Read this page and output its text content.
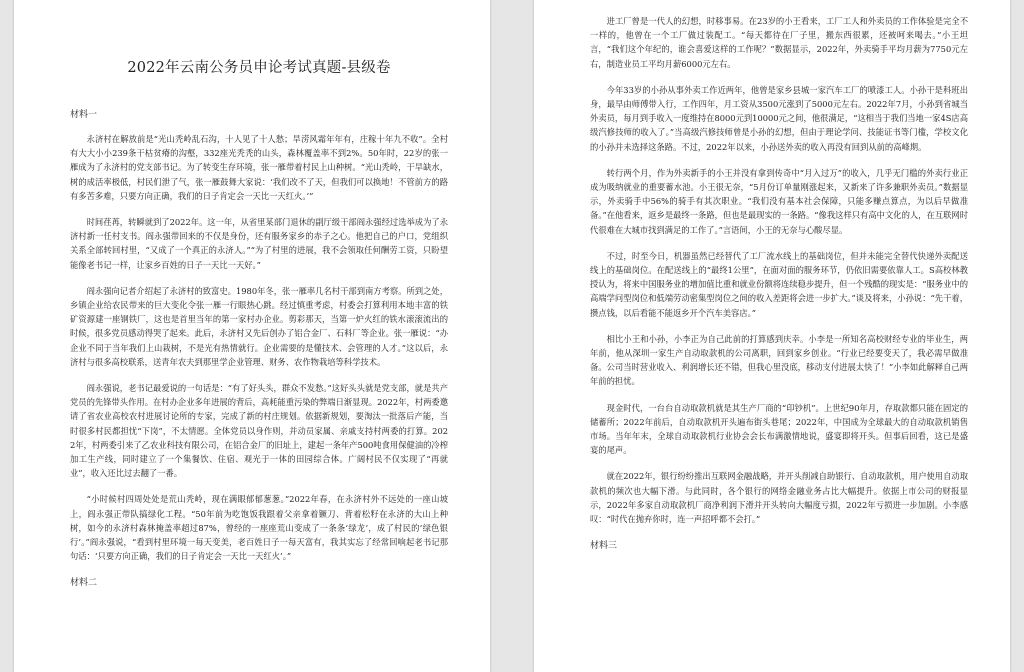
2022年云南公务员申论考试真题-县级卷
材料一

永济村在解放前是“光山秃岭乱石沟，十人见了十人愁；旱涝风霜年年有，庄稼十年九不收”。全村有大大小小239条干枯贫瘠的沟壑，332座光秃秃的山头，森林覆盖率不到2%。50年时，22岁的张一雁成为了永济村的党支部书记。为了转变生存环境，张一雁带着村民上山种树。“光山秃岭，干旱缺水，树的成活率极低，村民们泄了气，张一雁鼓舞大家说：‘我们改不了天，但我们可以换地！不管前方的路有多苦多难，只要方向正确，我们的日子肯定会一天比一天红火。’”

时间荏苒，转瞬就到了2022年。这一年，从省里某部门退休的副厅级干部阎永强经过选举成为了永济村新一任村支书。阎永强带回来的不仅是身份，还有服务家乡的赤子之心。他把自己的户口，党组织关系全部转回村里，“又成了一个真正的永济人。”“为了村里的进展，我不会领取任何酬劳工资，只盼望能像老书记一样，让家乡百姓的日子一天比一天好。”

阎永强向记者介绍起了永济村的致富史。1980年冬，张一雁率几名村干部到南方考察。所到之处，乡镇企业给农民带来的巨大变化令张一雁一行眼热心跳。经过慎重考虑，村委会打算利用本地丰富的铁矿资源建一座钢铁厂，这也是首里当年的第一家村办企业。剪彩那天，当第一炉火红的铁水滚滚流出的时候，很多党员感动得哭了起来。此后，永济村又先后创办了铝合金厂、石料厂等企业。张一雁说：“办企业不同于当年我们上山栽树，不是光有热情就行。企业需要的是懂技术、会管理的人才。”这以后，永济村与很多高校联系，送青年农夫到那里学企业管理、财务、农作物栽培等科学技术。

阎永强说，老书记最爱说的一句话是：“有了好头头，群众不发愁。”这好头头就是党支部，就是共产党员的先锋带头作用。在村办企业多年进展的背后，高耗能重污染的弊端日渐显现。2022年，村两委邀请了省农业高校农村进展讨论所的专家，完成了新的村庄规划。依据新规划，要淘汰一批落后产能，当时很多村民都担忧“下岗”，不太情愿。全体党员以身作则，并动员家属、亲戚支持村两委的打算。2022年，村两委引来了乙农业科技有限公司，在铝合金厂的旧址上，建起一条年产500吨食用保健油的冷榨加工生产线，同时建立了一个集餐饮、住宿、观光于一体的田园综合体。广阔村民不仅实现了“再就业”，收入还比过去翻了一番。

“小时候村四周处处是荒山秃岭，现在满眼郁郁葱葱。”2022年春，在永济村外不远处的一座山坡上，阎永强正带队搞绿化工程。“50年前为吃饱饭我跟着父亲拿着镢刀、背着松籽在永济的大山上种树，如今的永济村森林掩盖率超过87%，曾经的一座座荒山变成了一条条‘绿龙’，成了村民的‘绿色银行’。”阎永强说，“看到村里环境一每天变美，老百姓日子一每天富有，我其实忘了经常回响起老书记那句话：‘只要方向正确，我们的日子肯定会一天比一天红火’。”

材料二

进工厂曾是一代人的幻想，时移事易。在23岁的小王看来，工厂工人和外卖员的工作体验是完全不一样的，他曾在一个工厂做过装配工。“每天都待在厂子里，搬东西很累，还被呵来喝去。”小王坦言，“我们这个年纪的，谁会喜爱这样的工作呢？”数据显示，2022年，外卖骑手平均月薪为7750元左右，制造业员工平均月薪6000元左右。

今年33岁的小孙从事外卖工作近两年，他曾是家乡县城一家汽车工厂的喷漆工人。小孙干是科班出身，最早由师傅带入行，工作四年，月工资从3500元涨到了5000元左右。2022年7月，小孙到省城当外卖员，每月到手收入一度维持在8000元到10000元之间，他很满足，“这相当于我们当地一家4S店高级汽修技师的收入了。”当高级汽修技师曾是小孙的幻想，但由于理论学问、技能证书等门槛，学校文化的小孙并未选择这条路。不过，2022年以来，小孙送外卖的收入再没有回到从前的高峰期。

转行两个月，作为外卖新手的小王并没有拿到传奇中“月入过万”的收入，几乎无门槛的外卖行业正成为吸纳就业的重要蓄水池。小王很无奈，“5月份订单量刚涨起来，又新来了许多兼职外卖员。”数据显示，外卖骑手中56%的骑手有其次职业。“我们没有基本社会保障，只能多赚点算点，为以后早做准备。”在他看来，返乡是最终一条路，但也是最现实的一条路。“像我这样只有高中文化的人，在互联网时代很难在大城市找到满足的工作了。”言语间，小王的无奈与心酸尽显。

不过，时至今日，机器虽然已经替代了工厂流水线上的基础岗位，但并未能完全替代快递外卖配送线上的基础岗位。在配送线上的“最终1公里”，在面对面的服务环节，仍依旧需要依靠人工。S高校林教授认为，将来中国服务业的增加值比重和就业份额将连续稳步提升，但一个残酷的现实是：“服务业中的高端学问型岗位和低端劳动密集型岗位之间的收入差距将会进一步扩大。”谈及将来，小孙说：“先干着，攒点钱，以后看能不能返乡开个汽车美容店。”

相比小王和小孙，小李正为自己此前的打算感到庆幸。小李是一所知名高校财经专业的毕业生，两年前，他从深圳一家生产自动取款机的公司离职，回到家乡创业。“行业已经要变天了，我必需早做准备。公司当时营业收入、利润增长还不错，但我心里没底，移动支付进展太快了！”小李如此解释自己两年前的担忧。

现金时代，一台台自动取款机就是其生产厂商的“印钞机”。上世纪90年月，存取款都只能在固定的储蓄所；2022年前后，自动取款机开头遍布街头巷尾；2022年，中国成为全球最大的自动取款机销售市场。当年年末，全球自动取款机行业协会会长布满激情地说，盛宴即将开头。但事后回看，这已是盛宴的尾声。

就在2022年，银行纷纷推出互联网金融战略，并开头削减自助银行、自动取款机，用户使用自动取款机的频次也大幅下滑。与此同时，各个银行的网络金融业务占比大幅提升。依据上市公司的财报显示，2022年多家自动取款机厂商净利润下滑并开头转向大幅度亏损，2022年亏损进一步加剧。小李感叹：“时代在抛弃你时，连一声招呼都不会打。”

材料三
